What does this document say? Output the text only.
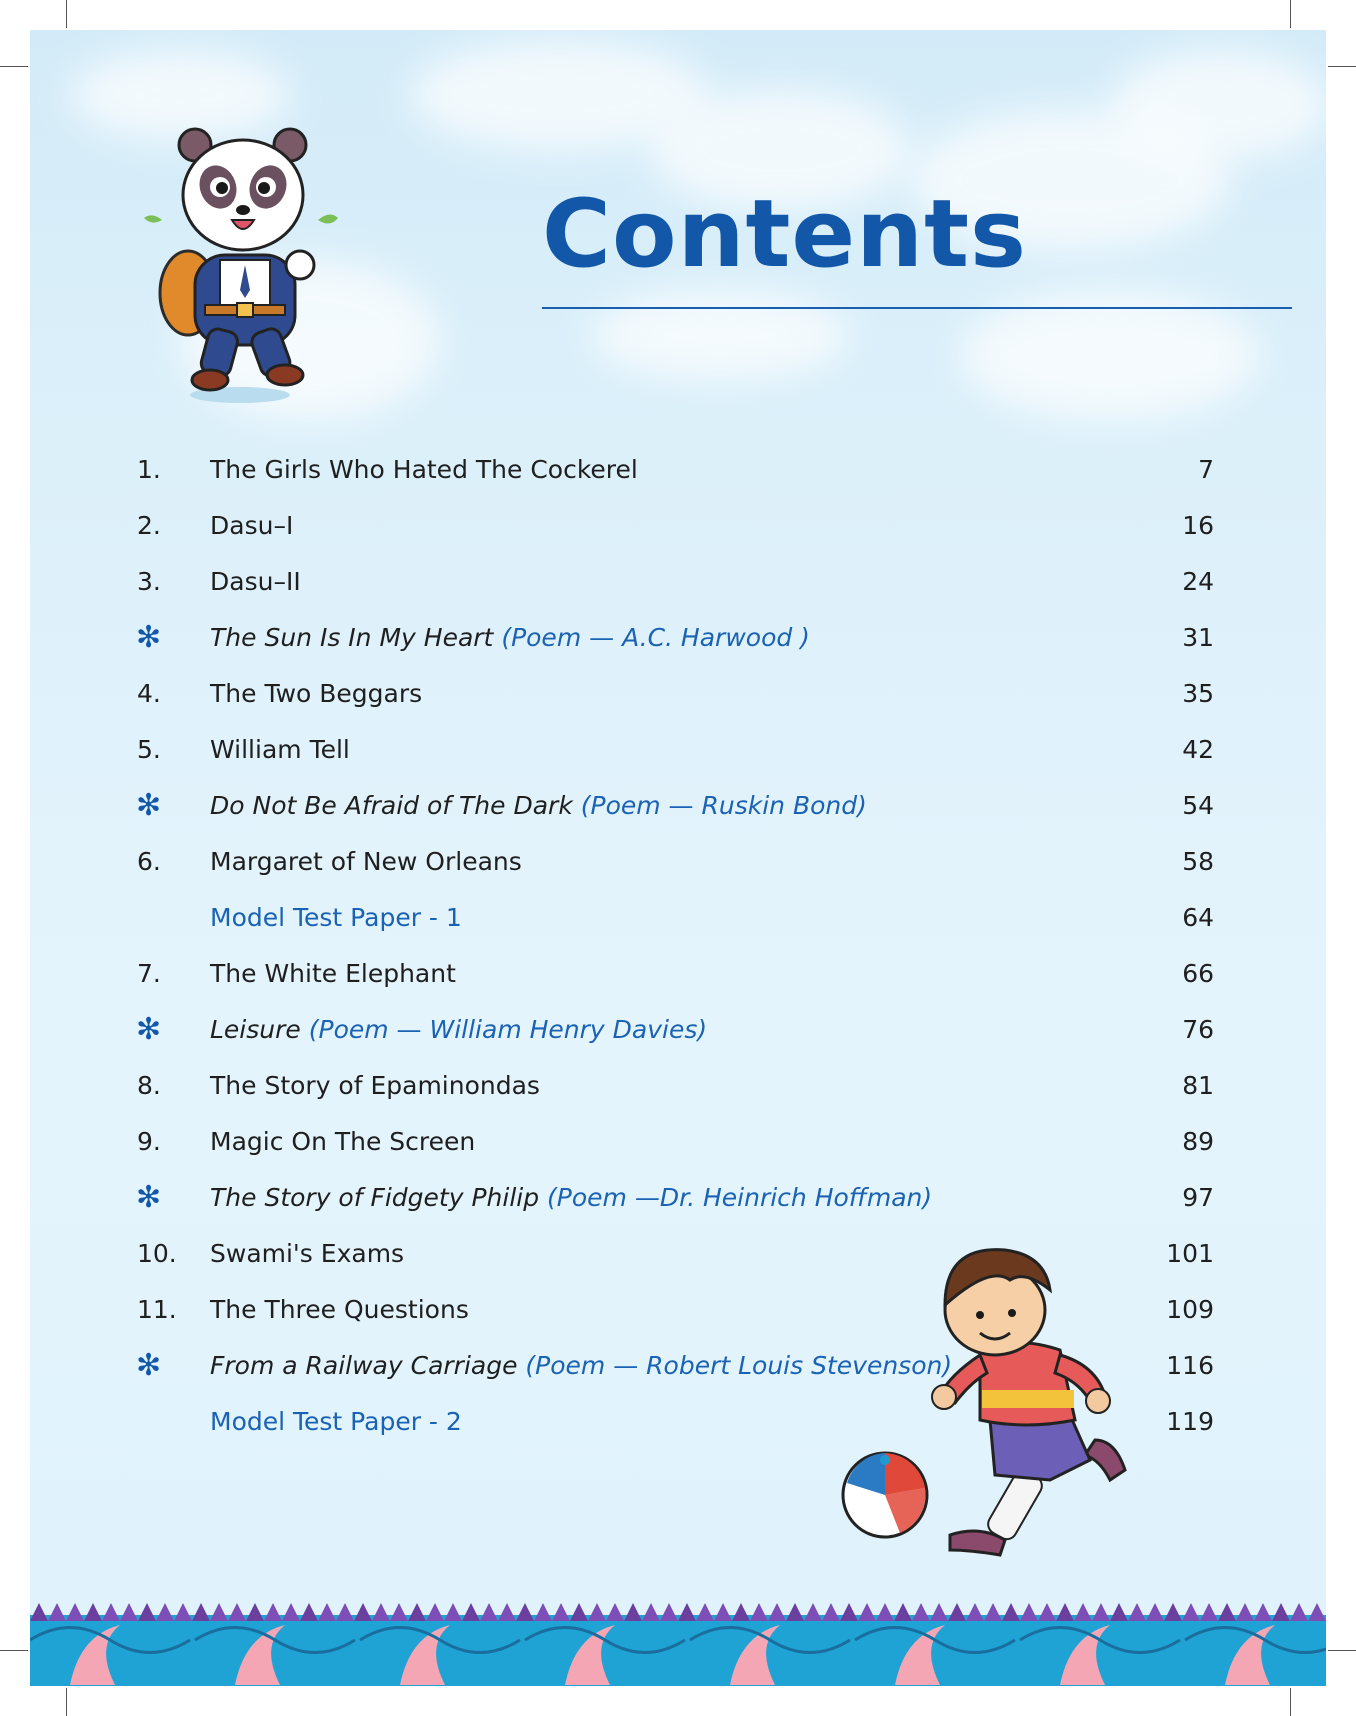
Contents
1.	The Girls Who Hated The Cockerel	7
2.	Dasu–I	16
3.	Dasu–II	24
✻ The Sun Is In My Heart (Poem — A.C. Harwood )	31
4.	The Two Beggars	35
5.	William Tell	42
✻ Do Not Be Afraid of The Dark (Poem — Ruskin Bond)	54
6.	Margaret of New Orleans	58
Model Test Paper - 1	64
7.	The White Elephant	66
✻ Leisure (Poem — William Henry Davies)	76
8.	The Story of Epaminondas	81
9.	Magic On The Screen	89
✻ The Story of Fidgety Philip (Poem —Dr. Heinrich Hoffman)	97
10.	Swami's Exams	101
11.	The Three Questions	109
✻ From a Railway Carriage (Poem — Robert Louis Stevenson)	116
Model Test Paper - 2	119
